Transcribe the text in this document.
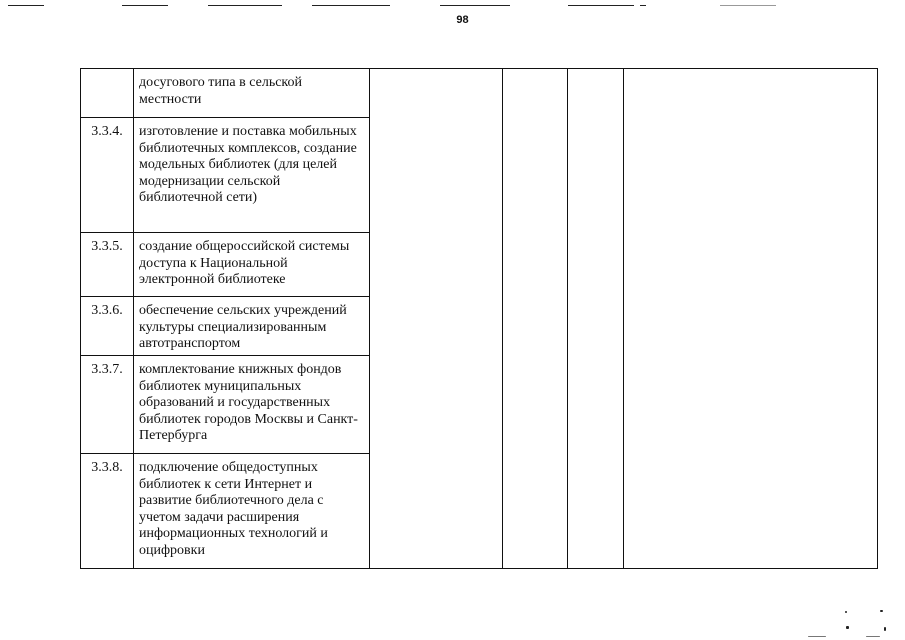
98
	досугового типа в сельской местности				
3.3.4.	изготовление и поставка мобильных библиотечных комплексов, создание модельных библиотек (для целей модернизации сельской библиотечной сети)				
3.3.5.	создание общероссийской системы доступа к Национальной электронной библиотеке				
3.3.6.	обеспечение сельских учреждений культуры специализированным автотранспортом				
3.3.7.	комплектование книжных фондов библиотек муниципальных образований и государственных библиотек городов Москвы и Санкт-Петербурга				
3.3.8.	подключение общедоступных библиотек к сети Интернет и развитие библиотечного дела с учетом задачи расширения информационных технологий и оцифровки				
